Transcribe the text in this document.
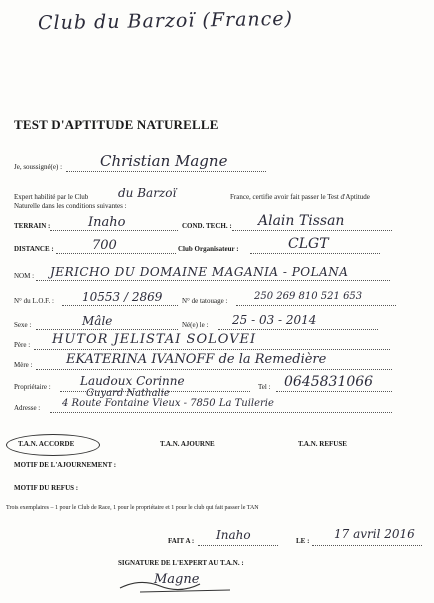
Club du Barzoï (France)
TEST D'APTITUDE NATURELLE
Je, soussigné(e) :	Christian Magne
Expert habilité par le Club du Barzoï	France, certifie avoir fait passer le Test d'Aptitude
Naturelle dans les conditions suivantes :
TERRAIN :	Inaho	COND. TECH. : Alain Tissan
DISTANCE :	700	Club Organisateur :	CLGT
NOM : JERICHO DU DOMAINE MAGANIA - POLANA
N° du L.O.F. : 10553 / 2869	N° de tatouage :	250 269 810 521 653
Sexe :	Mâle	Né(e) le : 25 - 03 - 2014
Père : HUTOR JELISTAI SOLOVEI
Mère :	EKATERINA IVANOFF de la Remedière
Propriétaire : Laudoux Corinne
Guyard Nathalie
Tel : 0645831066
Adresse : 4 Route Fontaine Vieux - 7850 La Tuilerie
T.A.N. ACCORDE	T.A.N. AJOURNE	T.A.N. REFUSE
MOTIF DE L'AJOURNEMENT :
MOTIF DU REFUS :
Trois exemplaires – 1 pour le Club de Race, 1 pour le propriétaire et 1 pour le club qui fait passer le TAN
FAIT A : Inaho	LE : 17 avril 2016
SIGNATURE DE L'EXPERT AU T.A.N. :
Magne
